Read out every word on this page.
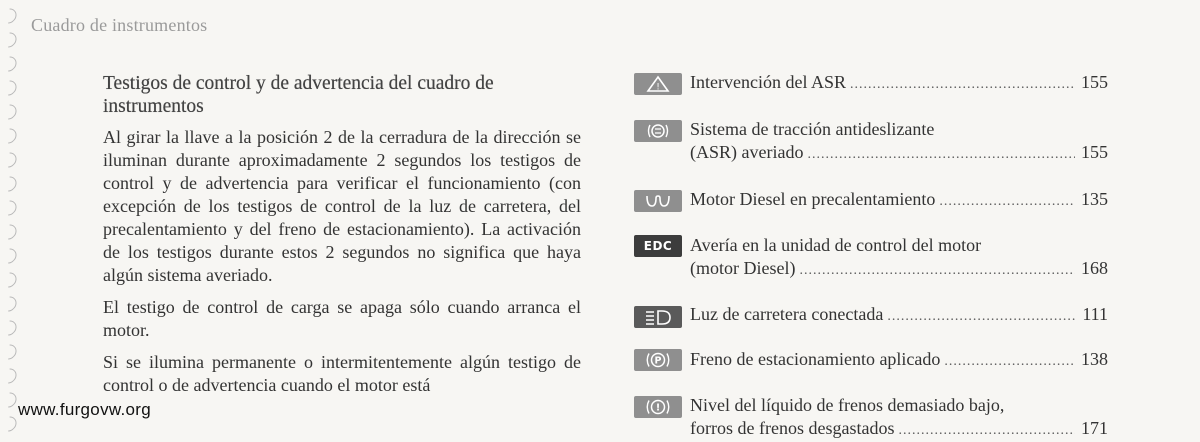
Cuadro de instrumentos
Testigos de control y de advertencia del cuadro de instrumentos

Al girar la llave a la posición 2 de la cerradura de la dirección se iluminan durante aproximadamente 2 segundos los testigos de control y de advertencia para verificar el funcionamiento (con excepción de los testigos de control de la luz de carretera, del precalentamiento y del freno de estacionamiento). La activación de los testigos durante estos 2 segundos no significa que haya algún sistema averiado.

El testigo de control de carga se apaga sólo cuando arranca el motor.

Si se ilumina permanente o intermitentemente algún testigo de control o de advertencia cuando el motor está

! Intervención del ASR .....	155
Sistema de tracción antideslizante
(ASR) averiado .....	155
Motor Diesel en precalentamiento .....	135
EDC Avería en la unidad de control del motor
(motor Diesel) .....	168
Luz de carretera conectada .....	111
P Freno de estacionamiento aplicado .....	138
! Nivel del líquido de frenos demasiado bajo,
forros de frenos desgastados .....	171
www.furgovw.org
